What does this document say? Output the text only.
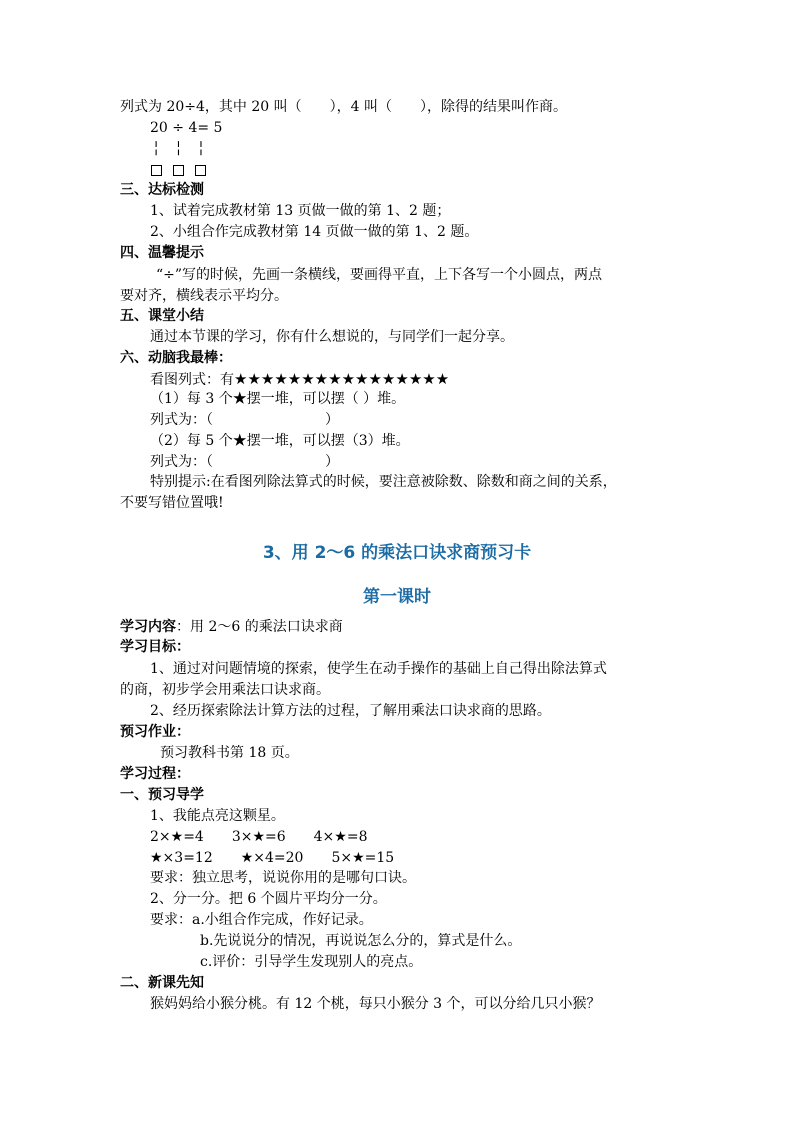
列式为 20÷4，其中 20 叫（　　），4 叫（　　），除得的结果叫作商。
20 ÷ 4= 5
╎　╎　╎
三、达标检测
1、试着完成教材第 13 页做一做的第 1、2 题；
2、小组合作完成教材第 14 页做一做的第 1、2 题。
四、温馨提示
“÷”写的时候，先画一条横线，要画得平直，上下各写一个小圆点，两点
要对齐，横线表示平均分。
五、课堂小结
通过本节课的学习，你有什么想说的，与同学们一起分享。
六、动脑我最棒：
看图列式：有★★★★★★★★★★★★★★★★
（1）每 3 个★摆一堆，可以摆（ ）堆。
列式为：（　　　　　　　　）
（2）每 5 个★摆一堆，可以摆（3）堆。
列式为：（　　　　　　　　）
特别提示:在看图列除法算式的时候，要注意被除数、除数和商之间的关系，
不要写错位置哦!
3、用 2～6 的乘法口诀求商预习卡
第一课时
学习内容：用 2～6 的乘法口诀求商
学习目标：
1、通过对问题情境的探索，使学生在动手操作的基础上自己得出除法算式
的商，初步学会用乘法口诀求商。
2、经历探索除法计算方法的过程，了解用乘法口诀求商的思路。
预习作业：
预习教科书第 18 页。
学习过程：
一、预习导学
1、我能点亮这颗星。
2×★=4　　3×★=6　　4×★=8
★×3=12　　★×4=20　　5×★=15
要求：独立思考，说说你用的是哪句口诀。
2、分一分。把 6 个圆片平均分一分。
要求：a.小组合作完成，作好记录。
b.先说说分的情况，再说说怎么分的，算式是什么。
c.评价：引导学生发现别人的亮点。
二、新课先知
猴妈妈给小猴分桃。有 12 个桃，每只小猴分 3 个，可以分给几只小猴？
